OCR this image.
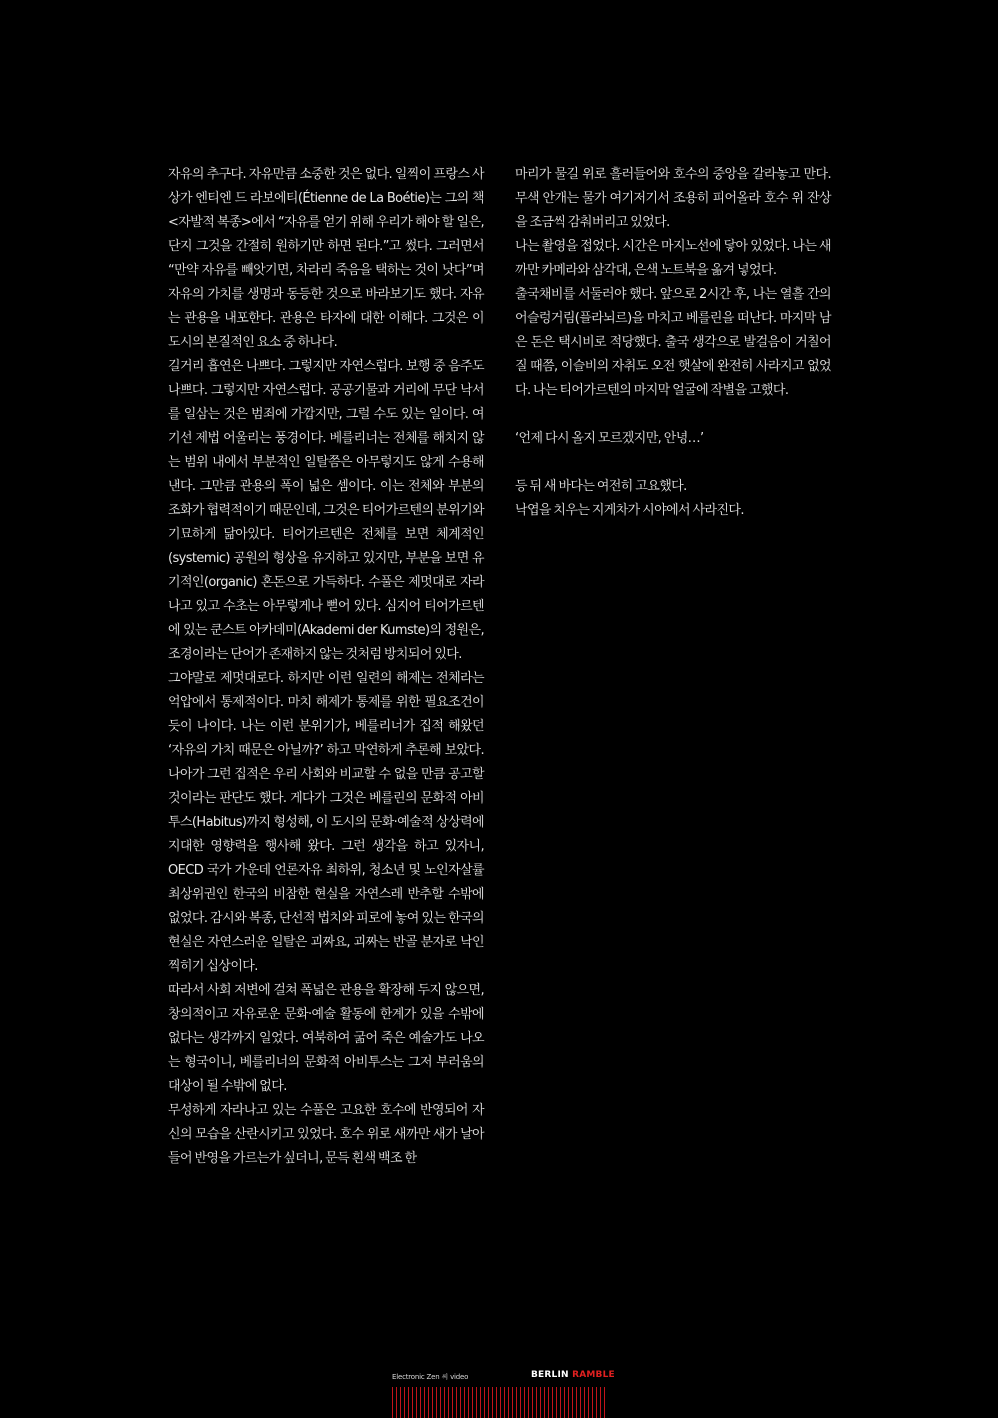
자유의 추구다. 자유만큼 소중한 것은 없다. 일찍이 프랑스 사상가 엔티엔 드 라보에티(Étienne de La Boétie)는 그의 책 <자발적 복종>에서 “자유를 얻기 위해 우리가 해야 할 일은, 단지 그것을 간절히 원하기만 하면 된다.”고 썼다. 그러면서 “만약 자유를 빼앗기면, 차라리 죽음을 택하는 것이 낫다”며 자유의 가치를 생명과 동등한 것으로 바라보기도 했다. 자유는 관용을 내포한다. 관용은 타자에 대한 이해다. 그것은 이 도시의 본질적인 요소 중 하나다.

길거리 흡연은 나쁘다. 그렇지만 자연스럽다. 보행 중 음주도 나쁘다. 그렇지만 자연스럽다. 공공기물과 거리에 무단 낙서를 일삼는 것은 범죄에 가깝지만, 그럴 수도 있는 일이다. 여기선 제법 어울리는 풍경이다. 베를리너는 전체를 해치지 않는 범위 내에서 부분적인 일탈쯤은 아무렇지도 않게 수용해낸다. 그만큼 관용의 폭이 넓은 셈이다. 이는 전체와 부분의 조화가 협력적이기 때문인데, 그것은 티어가르텐의 분위기와 기묘하게 닮아있다. 티어가르텐은 전체를 보면 체계적인(systemic) 공원의 형상을 유지하고 있지만, 부분을 보면 유기적인(organic) 혼돈으로 가득하다. 수풀은 제멋대로 자라나고 있고 수초는 아무렇게나 뻗어 있다. 심지어 티어가르텐에 있는 쿤스트 아카데미(Akademi der Kumste)의 정원은, 조경이라는 단어가 존재하지 않는 것처럼 방치되어 있다.

그야말로 제멋대로다. 하지만 이런 일련의 해제는 전체라는 억압에서 통제적이다. 마치 해제가 통제를 위한 필요조건이듯이 나이다. 나는 이런 분위기가, 베를리너가 집적 해왔던 ‘자유의 가치 때문은 아닐까?’ 하고 막연하게 추론해 보았다. 나아가 그런 집적은 우리 사회와 비교할 수 없을 만큼 공고할 것이라는 판단도 했다. 게다가 그것은 베를린의 문화적 아비투스(Habitus)까지 형성해, 이 도시의 문화·예술적 상상력에 지대한 영향력을 행사해 왔다. 그런 생각을 하고 있자니, OECD 국가 가운데 언론자유 최하위, 청소년 및 노인자살률 최상위권인 한국의 비참한 현실을 자연스레 반추할 수밖에 없었다. 감시와 복종, 단선적 법치와 피로에 놓여 있는 한국의 현실은 자연스러운 일탈은 괴짜요, 괴짜는 반골 분자로 낙인찍히기 십상이다.

따라서 사회 저변에 걸쳐 폭넓은 관용을 확장해 두지 않으면, 창의적이고 자유로운 문화·예술 활동에 한계가 있을 수밖에 없다는 생각까지 일었다. 여북하여 굶어 죽은 예술가도 나오는 형국이니, 베를리너의 문화적 아비투스는 그저 부러움의 대상이 될 수밖에 없다.

무성하게 자라나고 있는 수풀은 고요한 호수에 반영되어 자신의 모습을 산란시키고 있었다. 호수 위로 새까만 새가 날아들어 반영을 가르는가 싶더니, 문득 흰색 백조 한

마리가 물길 위로 흘러들어와 호수의 중앙을 갈라놓고 만다. 무색 안개는 물가 여기저기서 조용히 피어올라 호수 위 잔상을 조금씩 감춰버리고 있었다.

나는 촬영을 접었다. 시간은 마지노선에 닿아 있었다. 나는 새까만 카메라와 삼각대, 은색 노트북을 옮겨 넣었다.

출국채비를 서둘러야 했다. 앞으로 2시간 후, 나는 열흘 간의 어슬렁거림(플라뇌르)을 마치고 베를린을 떠난다. 마지막 남은 돈은 택시비로 적당했다. 출국 생각으로 발걸음이 거칠어질 때쯤, 이슬비의 자취도 오전 햇살에 완전히 사라지고 없었다. 나는 티어가르텐의 마지막 얼굴에 작별을 고했다.

‘언제 다시 올지 모르겠지만, 안녕…’

등 뒤 새 바다는 여전히 고요했다.

낙엽을 치우는 지게차가 시야에서 사라진다.

Electronic Zen 씨 video	BERLIN RAMBLE
